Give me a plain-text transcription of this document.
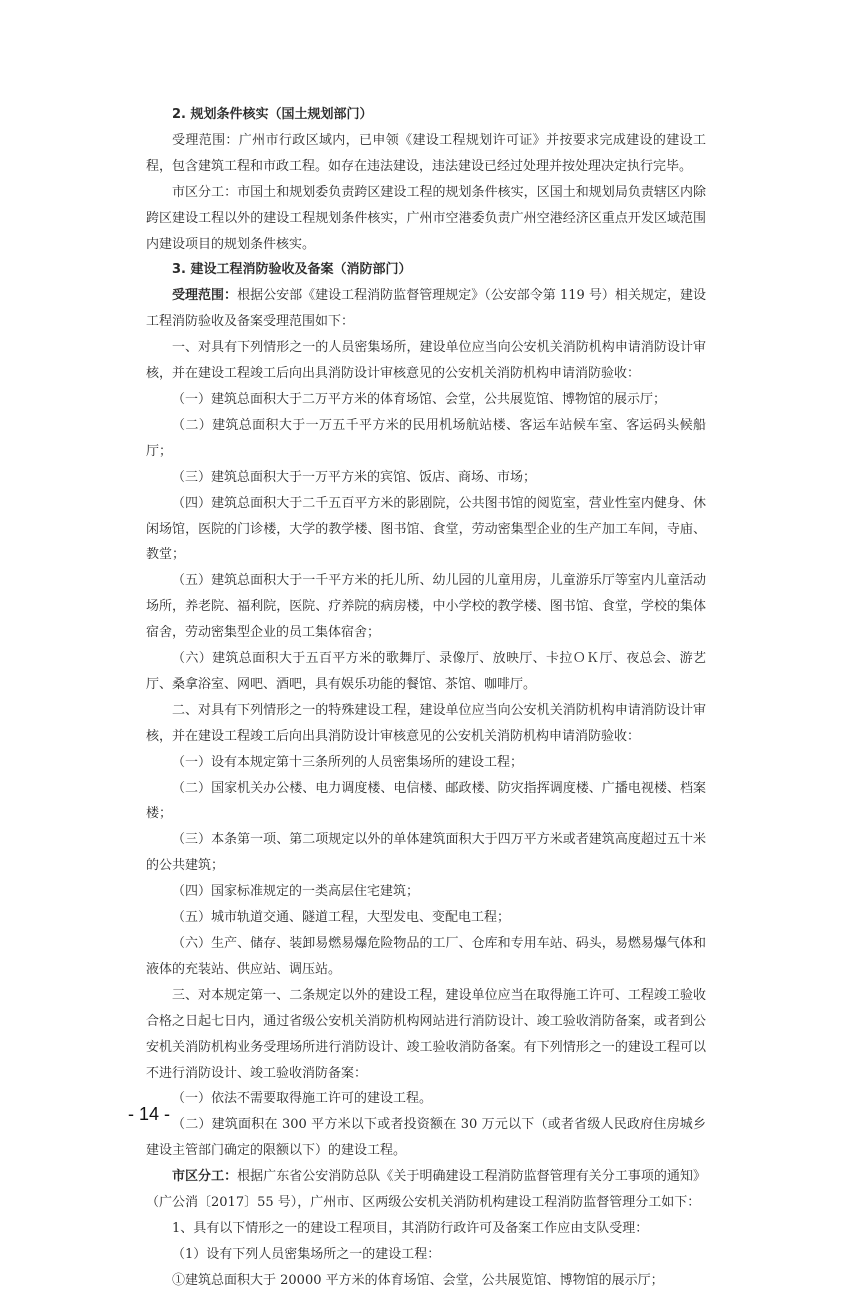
2. 规划条件核实（国土规划部门）

受理范围：广州市行政区域内，已申领《建设工程规划许可证》并按要求完成建设的建设工程，包含建筑工程和市政工程。如存在违法建设，违法建设已经过处理并按处理决定执行完毕。

市区分工：市国土和规划委负责跨区建设工程的规划条件核实，区国土和规划局负责辖区内除跨区建设工程以外的建设工程规划条件核实，广州市空港委负责广州空港经济区重点开发区域范围内建设项目的规划条件核实。

3. 建设工程消防验收及备案（消防部门）

受理范围：根据公安部《建设工程消防监督管理规定》（公安部令第 119 号）相关规定，建设工程消防验收及备案受理范围如下：

一、对具有下列情形之一的人员密集场所，建设单位应当向公安机关消防机构申请消防设计审核，并在建设工程竣工后向出具消防设计审核意见的公安机关消防机构申请消防验收：

（一）建筑总面积大于二万平方米的体育场馆、会堂，公共展览馆、博物馆的展示厅；

（二）建筑总面积大于一万五千平方米的民用机场航站楼、客运车站候车室、客运码头候船厅；

（三）建筑总面积大于一万平方米的宾馆、饭店、商场、市场；

（四）建筑总面积大于二千五百平方米的影剧院，公共图书馆的阅览室，营业性室内健身、休闲场馆，医院的门诊楼，大学的教学楼、图书馆、食堂，劳动密集型企业的生产加工车间，寺庙、教堂；

（五）建筑总面积大于一千平方米的托儿所、幼儿园的儿童用房，儿童游乐厅等室内儿童活动场所，养老院、福利院，医院、疗养院的病房楼，中小学校的教学楼、图书馆、食堂，学校的集体宿舍，劳动密集型企业的员工集体宿舍；

（六）建筑总面积大于五百平方米的歌舞厅、录像厅、放映厅、卡拉ＯＫ厅、夜总会、游艺厅、桑拿浴室、网吧、酒吧，具有娱乐功能的餐馆、茶馆、咖啡厅。

二、对具有下列情形之一的特殊建设工程，建设单位应当向公安机关消防机构申请消防设计审核，并在建设工程竣工后向出具消防设计审核意见的公安机关消防机构申请消防验收：

（一）设有本规定第十三条所列的人员密集场所的建设工程；

（二）国家机关办公楼、电力调度楼、电信楼、邮政楼、防灾指挥调度楼、广播电视楼、档案楼；

（三）本条第一项、第二项规定以外的单体建筑面积大于四万平方米或者建筑高度超过五十米的公共建筑；

（四）国家标准规定的一类高层住宅建筑；

（五）城市轨道交通、隧道工程，大型发电、变配电工程；

（六）生产、储存、装卸易燃易爆危险物品的工厂、仓库和专用车站、码头，易燃易爆气体和液体的充装站、供应站、调压站。

三、对本规定第一、二条规定以外的建设工程，建设单位应当在取得施工许可、工程竣工验收合格之日起七日内，通过省级公安机关消防机构网站进行消防设计、竣工验收消防备案，或者到公安机关消防机构业务受理场所进行消防设计、竣工验收消防备案。有下列情形之一的建设工程可以不进行消防设计、竣工验收消防备案：

（一）依法不需要取得施工许可的建设工程。

（二）建筑面积在 300 平方米以下或者投资额在 30 万元以下（或者省级人民政府住房城乡建设主管部门确定的限额以下）的建设工程。

市区分工：根据广东省公安消防总队《关于明确建设工程消防监督管理有关分工事项的通知》（广公消〔2017〕55 号），广州市、区两级公安机关消防机构建设工程消防监督管理分工如下：

1、具有以下情形之一的建设工程项目，其消防行政许可及备案工作应由支队受理：

（1）设有下列人员密集场所之一的建设工程：

①建筑总面积大于 20000 平方米的体育场馆、会堂，公共展览馆、博物馆的展示厅；

- 14 -
